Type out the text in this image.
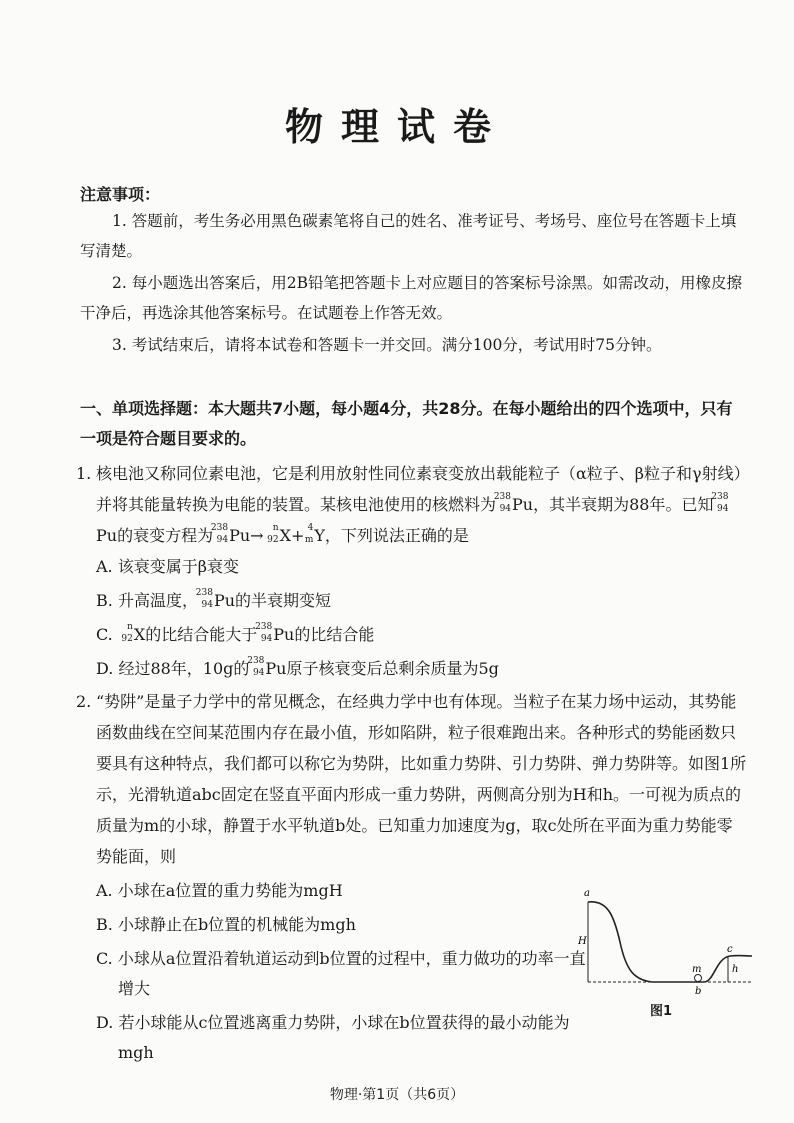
物理试卷
注意事项：
1. 答题前，考生务必用黑色碳素笔将自己的姓名、准考证号、考场号、座位号在答题卡上填写清楚。
2. 每小题选出答案后，用2B铅笔把答题卡上对应题目的答案标号涂黑。如需改动，用橡皮擦干净后，再选涂其他答案标号。在试题卷上作答无效。
3. 考试结束后，请将本试卷和答题卡一并交回。满分100分，考试用时75分钟。
一、单项选择题：本大题共7小题，每小题4分，共28分。在每小题给出的四个选项中，只有一项是符合题目要求的。
1. 核电池又称同位素电池，它是利用放射性同位素衰变放出载能粒子（α粒子、β粒子和γ射线）并将其能量转换为电能的装置。某核电池使用的核燃料为
238
94 Pu，其半衰期为88年。已知
238
94
Pu的衰变方程为
238
94 Pu→ n
92 X+ 4
m Y，下列说法正确的是
A. 该衰变属于β衰变
B. 升高温度，
238
94 Pu的半衰期变短
C. n
92 X的比结合能大于
238
94 Pu的比结合能
D. 经过88年，10g的
238
94 Pu原子核衰变后总剩余质量为5g
2. “势阱”是量子力学中的常见概念，在经典力学中也有体现。当粒子在某力场中运动，其势能函数曲线在空间某范围内存在最小值，形如陷阱，粒子很难跑出来。各种形式的势能函数只要具有这种特点，我们都可以称它为势阱，比如重力势阱、引力势阱、弹力势阱等。如图1所示，光滑轨道abc固定在竖直平面内形成一重力势阱，两侧高分别为H和h。一可视为质点的质量为m的小球，静置于水平轨道b处。已知重力加速度为g，取c处所在平面为重力势能零势能面，则
A. 小球在a位置的重力势能为mgH
B. 小球静止在b位置的机械能为mgh
C. 小球从a位置沿着轨道运动到b位置的过程中，重力做功的功率一直增大
D. 若小球能从c位置逃离重力势阱，小球在b位置获得的最小动能为mgh
a
H
m
b
c
h
图1
物理·第1页（共6页）
